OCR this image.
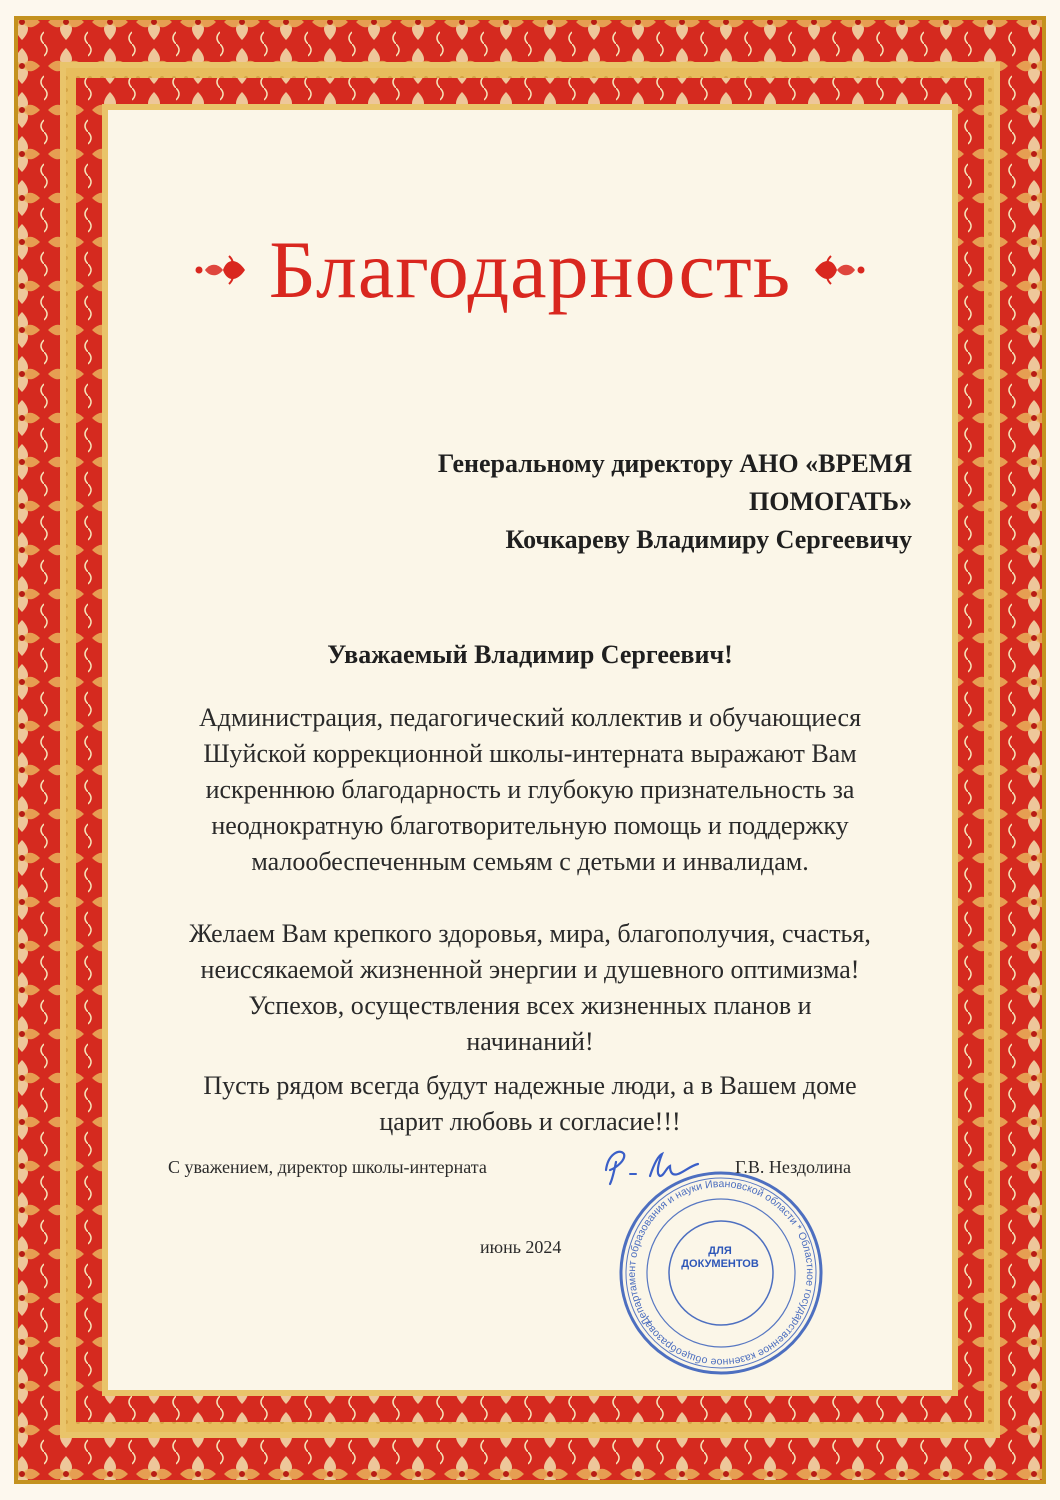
Благодарность
Генеральному директору АНО «ВРЕМЯ
ПОМОГАТЬ»
Кочкареву Владимиру Сергеевичу
Уважаемый Владимир Сергеевич!
Администрация, педагогический коллектив и обучающиеся
Шуйской коррекционной школы-интерната выражают Вам
искреннюю благодарность и глубокую признательность за
неоднократную благотворительную помощь и поддержку
малообеспеченным семьям с детьми и инвалидам.
Желаем Вам крепкого здоровья, мира, благополучия, счастья,
неиссякаемой жизненной энергии и душевного оптимизма!
Успехов, осуществления всех жизненных планов и
начинаний!
Пусть рядом всегда будут надежные люди, а в Вашем доме
царит любовь и согласие!!!
С уважением, директор школы-интерната
Департамент образования и науки Ивановской области * Областное государственное казенное общеобразовательное	ДЛЯ
ДОКУМЕНТОВ
Г.В. Нездолина
июнь 2024
